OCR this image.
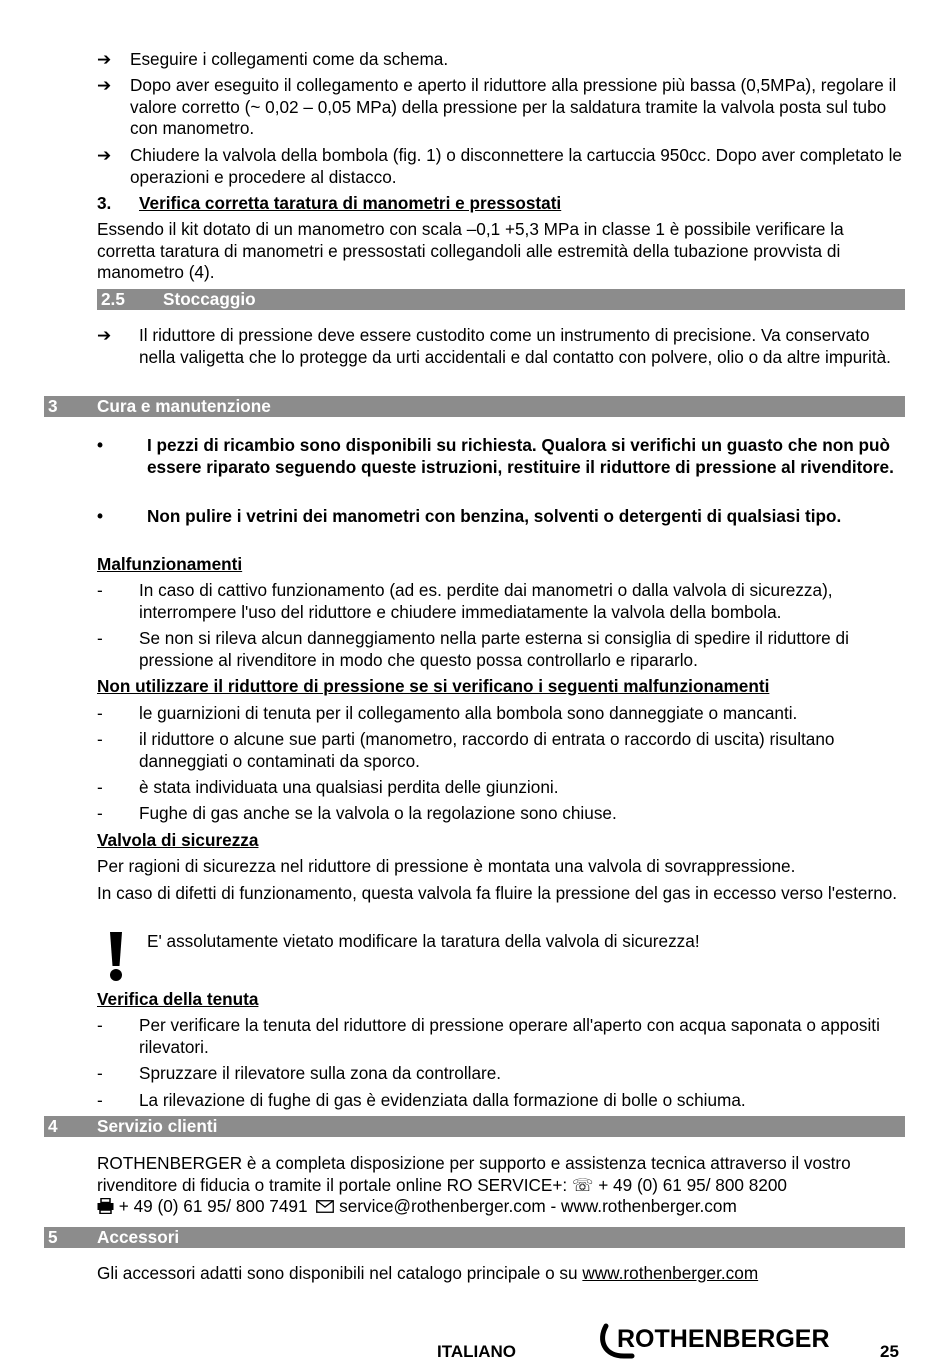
➔	Eseguire i collegamenti come da schema.
➔	Dopo aver eseguito il collegamento e aperto il riduttore alla pressione più bassa (0,5MPa), regolare il valore corretto (~ 0,02 – 0,05 MPa) della pressione per la saldatura tramite la valvola posta sul tubo con manometro.
➔	Chiudere la valvola della bombola (fig. 1) o disconnettere la cartuccia 950cc. Dopo aver completato le operazioni e procedere al distacco.
3. Verifica corretta taratura di manometri e pressostati
Essendo il kit dotato di un manometro con scala –0,1 +5,3 MPa in classe 1 è possibile verificare la corretta taratura di manometri e pressostati collegandoli alle estremità della tubazione provvista di manometro (4).
2.5 Stoccaggio
➔	Il riduttore di pressione deve essere custodito come un instrumento di precisione. Va conservato nella valigetta che lo protegge da urti accidentali e dal contatto con polvere, olio o da altre impurità.
3 Cura e manutenzione
•	I pezzi di ricambio sono disponibili su richiesta. Qualora si verifichi un guasto che non può essere riparato seguendo queste istruzioni, restituire il riduttore di pressione al rivenditore.
•	Non pulire i vetrini dei manometri con benzina, solventi o detergenti di qualsiasi tipo.
Malfunzionamenti
- In caso di cattivo funzionamento (ad es. perdite dai manometri o dalla valvola di sicurezza), interrompere l'uso del riduttore e chiudere immediatamente la valvola della bombola.
- Se non si rileva alcun danneggiamento nella parte esterna si consiglia di spedire il riduttore di pressione al rivenditore in modo che questo possa controllarlo e ripararlo.
Non utilizzare il riduttore di pressione se si verificano i seguenti malfunzionamenti
- le guarnizioni di tenuta per il collegamento alla bombola sono danneggiate o mancanti.
- il riduttore o alcune sue parti (manometro, raccordo di entrata o raccordo di uscita) risultano danneggiati o contaminati da sporco.
- è stata individuata una qualsiasi perdita delle giunzioni.
- Fughe di gas anche se la valvola o la regolazione sono chiuse.
Valvola di sicurezza
Per ragioni di sicurezza nel riduttore di pressione è montata una valvola di sovrappressione.
In caso di difetti di funzionamento, questa valvola fa fluire la pressione del gas in eccesso verso l'esterno.
E' assolutamente vietato modificare la taratura della valvola di sicurezza!
Verifica della tenuta
- Per verificare la tenuta del riduttore di pressione operare all'aperto con acqua saponata o appositi rilevatori.
- Spruzzare il rilevatore sulla zona da controllare.
- La rilevazione di fughe di gas è evidenziata dalla formazione di bolle o schiuma.
4 Servizio clienti
ROTHENBERGER è a completa disposizione per supporto e assistenza tecnica attraverso il vostro rivenditore di fiducia o tramite il portale online RO SERVICE+: ☏ + 49 (0) 61 95/ 800 8200
+ 49 (0) 61 95/ 800 7491 service@rothenberger.com - www.rothenberger.com
5 Accessori
Gli accessori adatti sono disponibili nel catalogo principale o su www.rothenberger.com
ITALIANO	ROTHENBERGER	25
